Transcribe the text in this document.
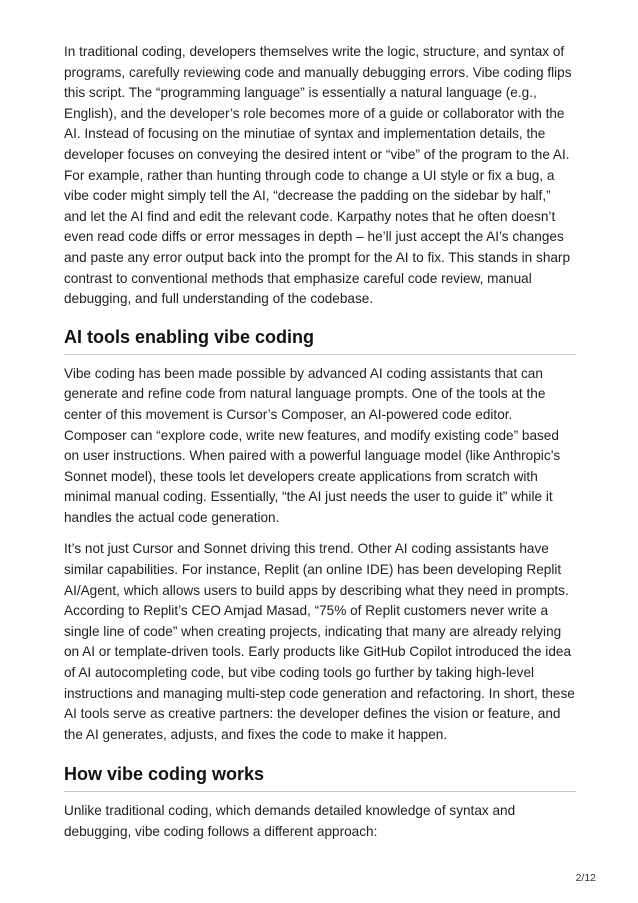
In traditional coding, developers themselves write the logic, structure, and syntax of programs, carefully reviewing code and manually debugging errors. Vibe coding flips this script. The “programming language” is essentially a natural language (e.g., English), and the developer’s role becomes more of a guide or collaborator with the AI. Instead of focusing on the minutiae of syntax and implementation details, the developer focuses on conveying the desired intent or “vibe” of the program to the AI. For example, rather than hunting through code to change a UI style or fix a bug, a vibe coder might simply tell the AI, “decrease the padding on the sidebar by half,” and let the AI find and edit the relevant code. Karpathy notes that he often doesn’t even read code diffs or error messages in depth – he’ll just accept the AI’s changes and paste any error output back into the prompt for the AI to fix. This stands in sharp contrast to conventional methods that emphasize careful code review, manual debugging, and full understanding of the codebase.

AI tools enabling vibe coding

Vibe coding has been made possible by advanced AI coding assistants that can generate and refine code from natural language prompts. One of the tools at the center of this movement is Cursor’s Composer, an AI-powered code editor. Composer can “explore code, write new features, and modify existing code” based on user instructions. When paired with a powerful language model (like Anthropic’s Sonnet model), these tools let developers create applications from scratch with minimal manual coding. Essentially, “the AI just needs the user to guide it” while it handles the actual code generation.

It’s not just Cursor and Sonnet driving this trend. Other AI coding assistants have similar capabilities. For instance, Replit (an online IDE) has been developing Replit AI/Agent, which allows users to build apps by describing what they need in prompts. According to Replit’s CEO Amjad Masad, “75% of Replit customers never write a single line of code” when creating projects, indicating that many are already relying on AI or template-driven tools. Early products like GitHub Copilot introduced the idea of AI autocompleting code, but vibe coding tools go further by taking high-level instructions and managing multi-step code generation and refactoring. In short, these AI tools serve as creative partners: the developer defines the vision or feature, and the AI generates, adjusts, and fixes the code to make it happen.

How vibe coding works

Unlike traditional coding, which demands detailed knowledge of syntax and debugging, vibe coding follows a different approach:

2/12
